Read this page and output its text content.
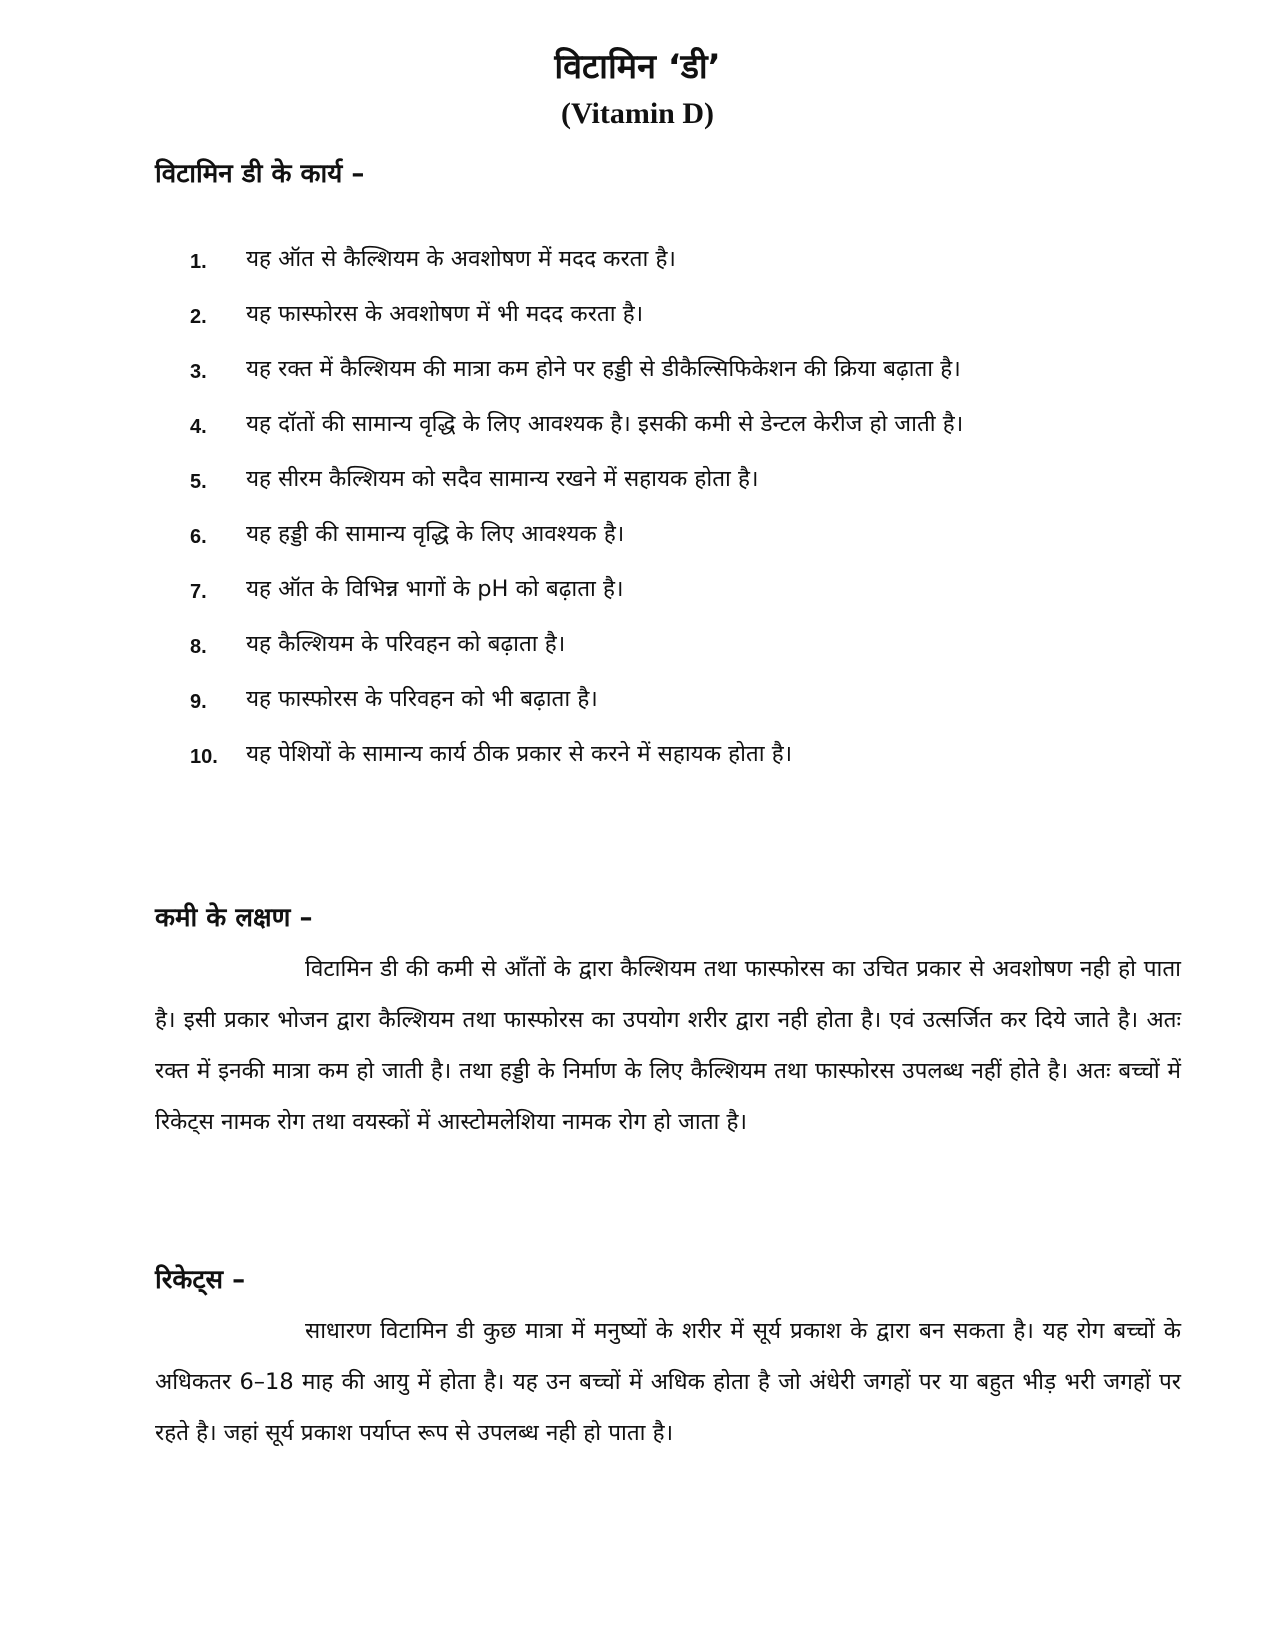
विटामिन ‘डी’
(Vitamin D)
विटामिन डी के कार्य –
1.	यह ऑत से कैल्शियम के अवशोषण में मदद करता है।
2.	यह फास्फोरस के अवशोषण में भी मदद करता है।
3.	यह रक्त में कैल्शियम की मात्रा कम होने पर हड्डी से डीकैल्सिफिकेशन की क्रिया बढ़ाता है।
4.	यह दॉतों की सामान्य वृद्धि के लिए आवश्यक है। इसकी कमी से डेन्टल केरीज हो जाती है।
5.	यह सीरम कैल्शियम को सदैव सामान्य रखने में सहायक होता है।
6.	यह हड्डी की सामान्य वृद्धि के लिए आवश्यक है।
7.	यह ऑत के विभिन्न भागों के pH को बढ़ाता है।
8.	यह कैल्शियम के परिवहन को बढ़ाता है।
9.	यह फास्फोरस के परिवहन को भी बढ़ाता है।
10.	यह पेशियों के सामान्य कार्य ठीक प्रकार से करने में सहायक होता है।
कमी के लक्षण –

विटामिन डी की कमी से आँतों के द्वारा कैल्शियम तथा फास्फोरस का उचित प्रकार से अवशोषण नही हो पाता है। इसी प्रकार भोजन द्वारा कैल्शियम तथा फास्फोरस का उपयोग शरीर द्वारा नही होता है। एवं उत्सर्जित कर दिये जाते है। अतः रक्त में इनकी मात्रा कम हो जाती है। तथा हड्डी के निर्माण के लिए कैल्शियम तथा फास्फोरस उपलब्ध नहीं होते है। अतः बच्चों में रिकेट्स नामक रोग तथा वयस्कों में आस्टोमलेशिया नामक रोग हो जाता है।

रिकेट्स –

साधारण विटामिन डी कुछ मात्रा में मनुष्यों के शरीर में सूर्य प्रकाश के द्वारा बन सकता है। यह रोग बच्चों के अधिकतर 6–18 माह की आयु में होता है। यह उन बच्चों में अधिक होता है जो अंधेरी जगहों पर या बहुत भीड़ भरी जगहों पर रहते है। जहां सूर्य प्रकाश पर्याप्त रूप से उपलब्ध नही हो पाता है।
